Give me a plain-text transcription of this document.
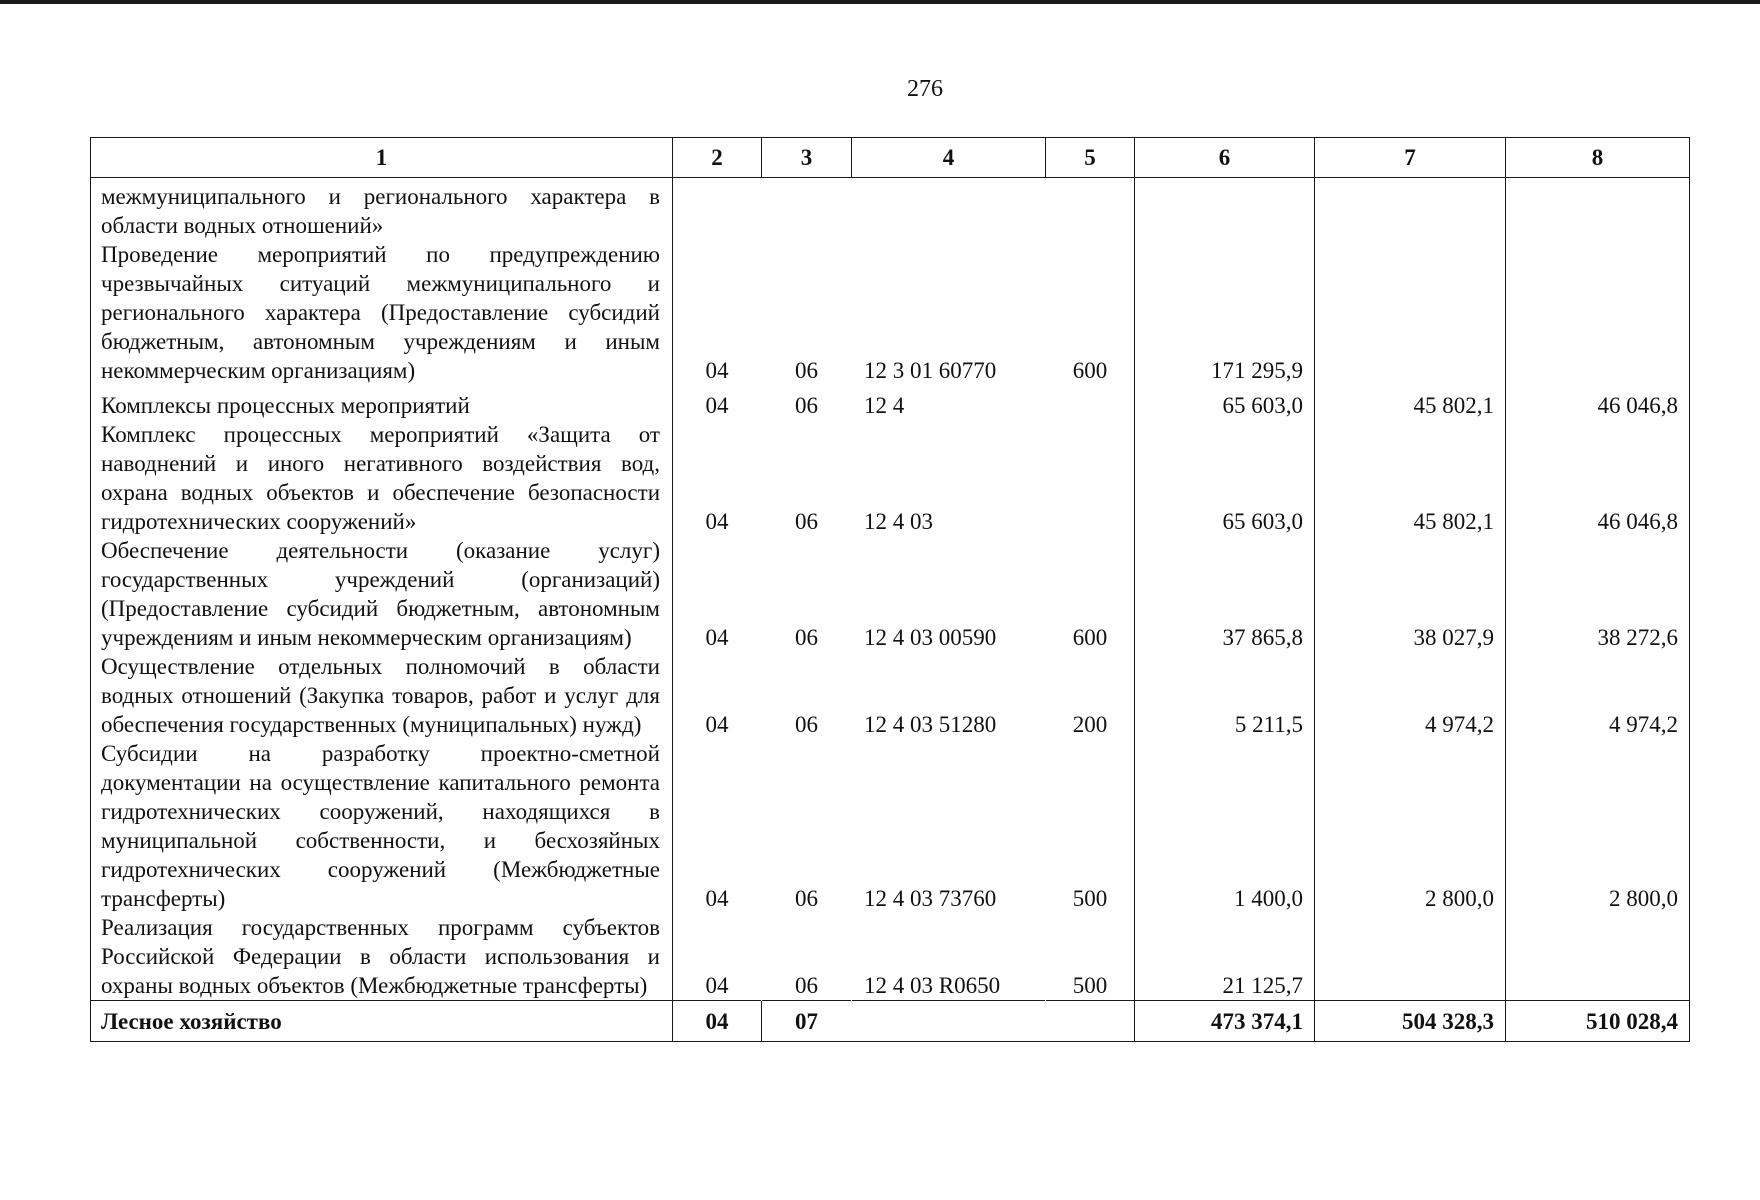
276
1	2	3	4	5	6	7	8
межмуниципального и регионального характера в области водных отношений»							
Проведение мероприятий по предупреждению чрезвычайных ситуаций межмуниципального и регионального характера (Предоставление субсидий бюджетным, автономным учреждениям и иным некоммерческим организациям)	04	06	12 3 01 60770	600	171 295,9		
Комплексы процессных мероприятий	04	06	12 4		65 603,0	45 802,1	46 046,8
Комплекс процессных мероприятий «Защита от наводнений и иного негативного воздействия вод, охрана водных объектов и обеспечение безопасности гидротехнических сооружений»	04	06	12 4 03		65 603,0	45 802,1	46 046,8
Обеспечение деятельности (оказание услуг) государственных учреждений (организаций) (Предоставление субсидий бюджетным, автономным учреждениям и иным некоммерческим организациям)	04	06	12 4 03 00590	600	37 865,8	38 027,9	38 272,6
Осуществление отдельных полномочий в области водных отношений (Закупка товаров, работ и услуг для обеспечения государственных (муниципальных) нужд)	04	06	12 4 03 51280	200	5 211,5	4 974,2	4 974,2
Субсидии на разработку проектно-сметной документации на осуществление капитального ремонта гидротехнических сооружений, находящихся в муниципальной собственности, и бесхозяйных гидротехнических сооружений (Межбюджетные трансферты)	04	06	12 4 03 73760	500	1 400,0	2 800,0	2 800,0
Реализация государственных программ субъектов Российской Федерации в области использования и охраны водных объектов (Межбюджетные трансферты)	04	06	12 4 03 R0650	500	21 125,7		
Лесное хозяйство	04	07			473 374,1	504 328,3	510 028,4
